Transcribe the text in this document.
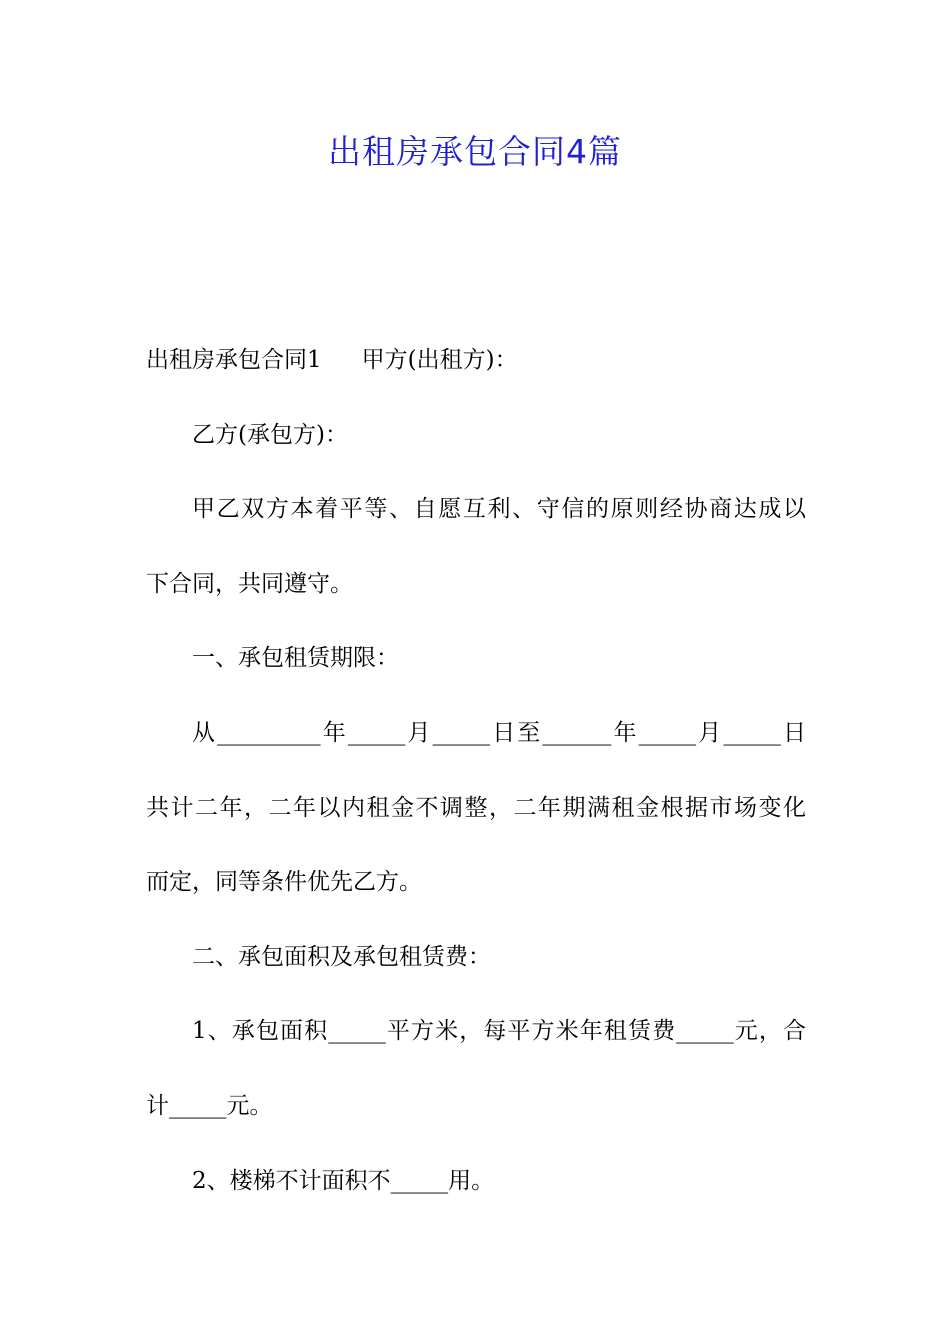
出租房承包合同4篇
出租房承包合同1 甲方(出租方)：
乙方(承包方)：
甲乙双方本着平等、自愿互利、守信的原则经协商达成以
下合同，共同遵守。
一、承包租赁期限：
从_________年_____月_____日至______年_____月_____日
共计二年，二年以内租金不调整，二年期满租金根据市场变化
而定，同等条件优先乙方。
二、承包面积及承包租赁费：
1、承包面积_____平方米，每平方米年租赁费_____元，合
计_____元。
2、楼梯不计面积不_____用。
